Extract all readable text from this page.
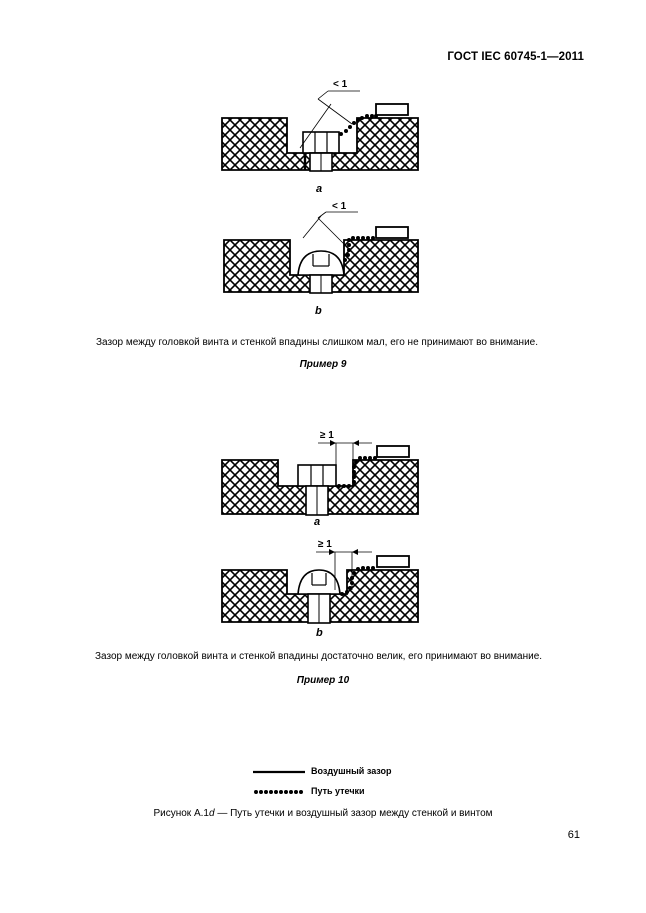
ГОСТ IEC 60745-1—2011
< 1
a
< 1
b
Зазор между головкой винта и стенкой впадины слишком мал, его не принимают во внимание.
Пример 9
≥ 1
a
≥ 1
b
Зазор между головкой винта и стенкой впадины достаточно велик, его принимают во внимание.
Пример 10
Воздушный зазор
Путь утечки
Рисунок А.1d — Путь утечки и воздушный зазор между стенкой и винтом
61
